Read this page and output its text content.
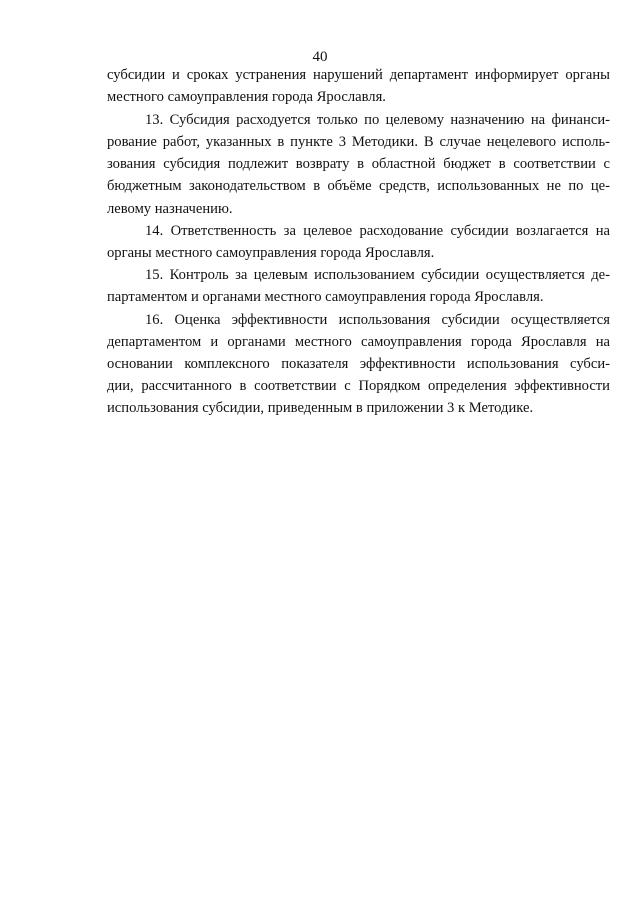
40
субсидии и сроках устранения нарушений департамент информирует органы
местного самоуправления города Ярославля.
13. Субсидия расходуется только по целевому назначению на финанси-
рование работ, указанных в пункте 3 Методики. В случае нецелевого исполь-
зования субсидия подлежит возврату в областной бюджет в соответствии с
бюджетным законодательством в объёме средств, использованных не по це-
левому назначению.
14. Ответственность за целевое расходование субсидии возлагается на
органы местного самоуправления города Ярославля.
15. Контроль за целевым использованием субсидии осуществляется де-
партаментом и органами местного самоуправления города Ярославля.
16. Оценка эффективности использования субсидии осуществляется
департаментом и органами местного самоуправления города Ярославля на
основании комплексного показателя эффективности использования субси-
дии, рассчитанного в соответствии с Порядком определения эффективности
использования субсидии, приведенным в приложении 3 к Методике.
